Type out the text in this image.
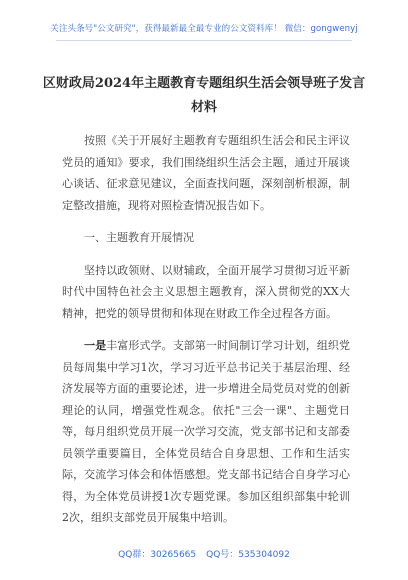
关注头条号"公文研究"，获得最新最全最专业的公文资料库！ 微信：gongwenyj
区财政局2024年主题教育专题组织生活会领导班子发言材料

按照《关于开展好主题教育专题组织生活会和民主评议党员的通知》要求，我们围绕组织生活会主题，通过开展谈心谈话、征求意见建议，全面查找问题，深刻剖析根源，制定整改措施，现将对照检查情况报告如下。

一、主题教育开展情况

坚持以政领财、以财辅政，全面开展学习贯彻习近平新时代中国特色社会主义思想主题教育，深入贯彻党的XX大精神，把党的领导贯彻和体现在财政工作全过程各方面。

一是丰富形式学。支部第一时间制订学习计划，组织党员每周集中学习1次，学习习近平总书记关于基层治理、经济发展等方面的重要论述，进一步增进全局党员对党的创新理论的认同，增强党性观念。依托"三会一课"、主题党日等，每月组织党员开展一次学习交流，党支部书记和支部委员领学重要篇目，全体党员结合自身思想、工作和生活实际，交流学习体会和体悟感想。党支部书记结合自身学习心得，为全体党员讲授1次专题党课。参加区组织部集中轮训2次，组织支部党员开展集中培训。

QQ群：30265665 QQ号：535304092
